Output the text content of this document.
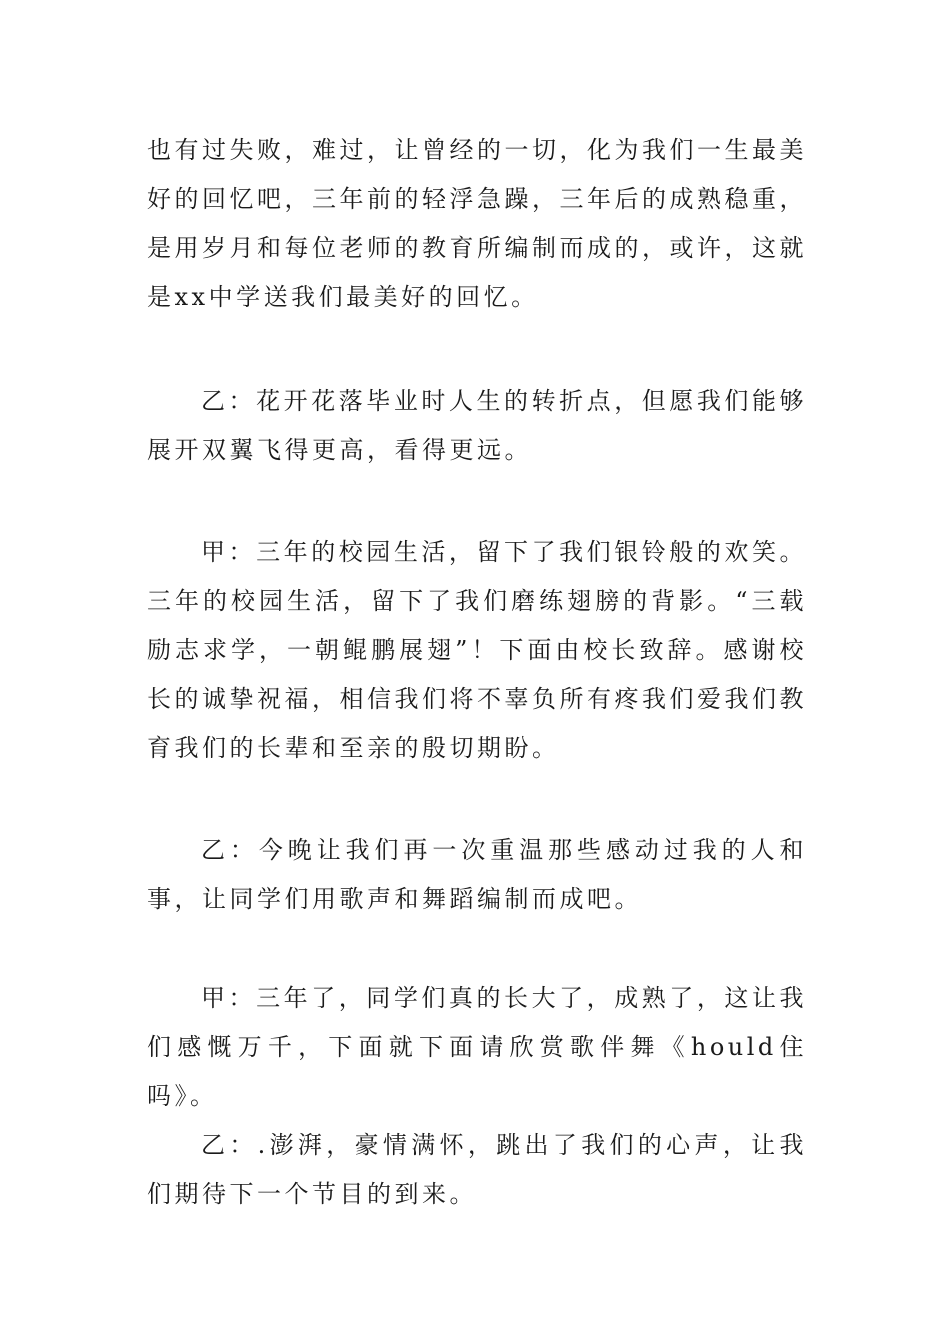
也有过失败，难过，让曾经的一切，化为我们一生最美好的回忆吧，三年前的轻浮急躁，三年后的成熟稳重，是用岁月和每位老师的教育所编制而成的，或许，这就是xx中学送我们最美好的回忆。

乙：花开花落毕业时人生的转折点，但愿我们能够展开双翼飞得更高，看得更远。

甲：三年的校园生活，留下了我们银铃般的欢笑。三年的校园生活，留下了我们磨练翅膀的背影。“三载励志求学，一朝鲲鹏展翅”！下面由校长致辞。感谢校长的诚挚祝福，相信我们将不辜负所有疼我们爱我们教育我们的长辈和至亲的殷切期盼。

乙：今晚让我们再一次重温那些感动过我的人和事，让同学们用歌声和舞蹈编制而成吧。

甲：三年了，同学们真的长大了，成熟了，这让我们感慨万千，下面就下面请欣赏歌伴舞《hould住吗》。

乙：.澎湃，豪情满怀，跳出了我们的心声，让我们期待下一个节目的到来。
